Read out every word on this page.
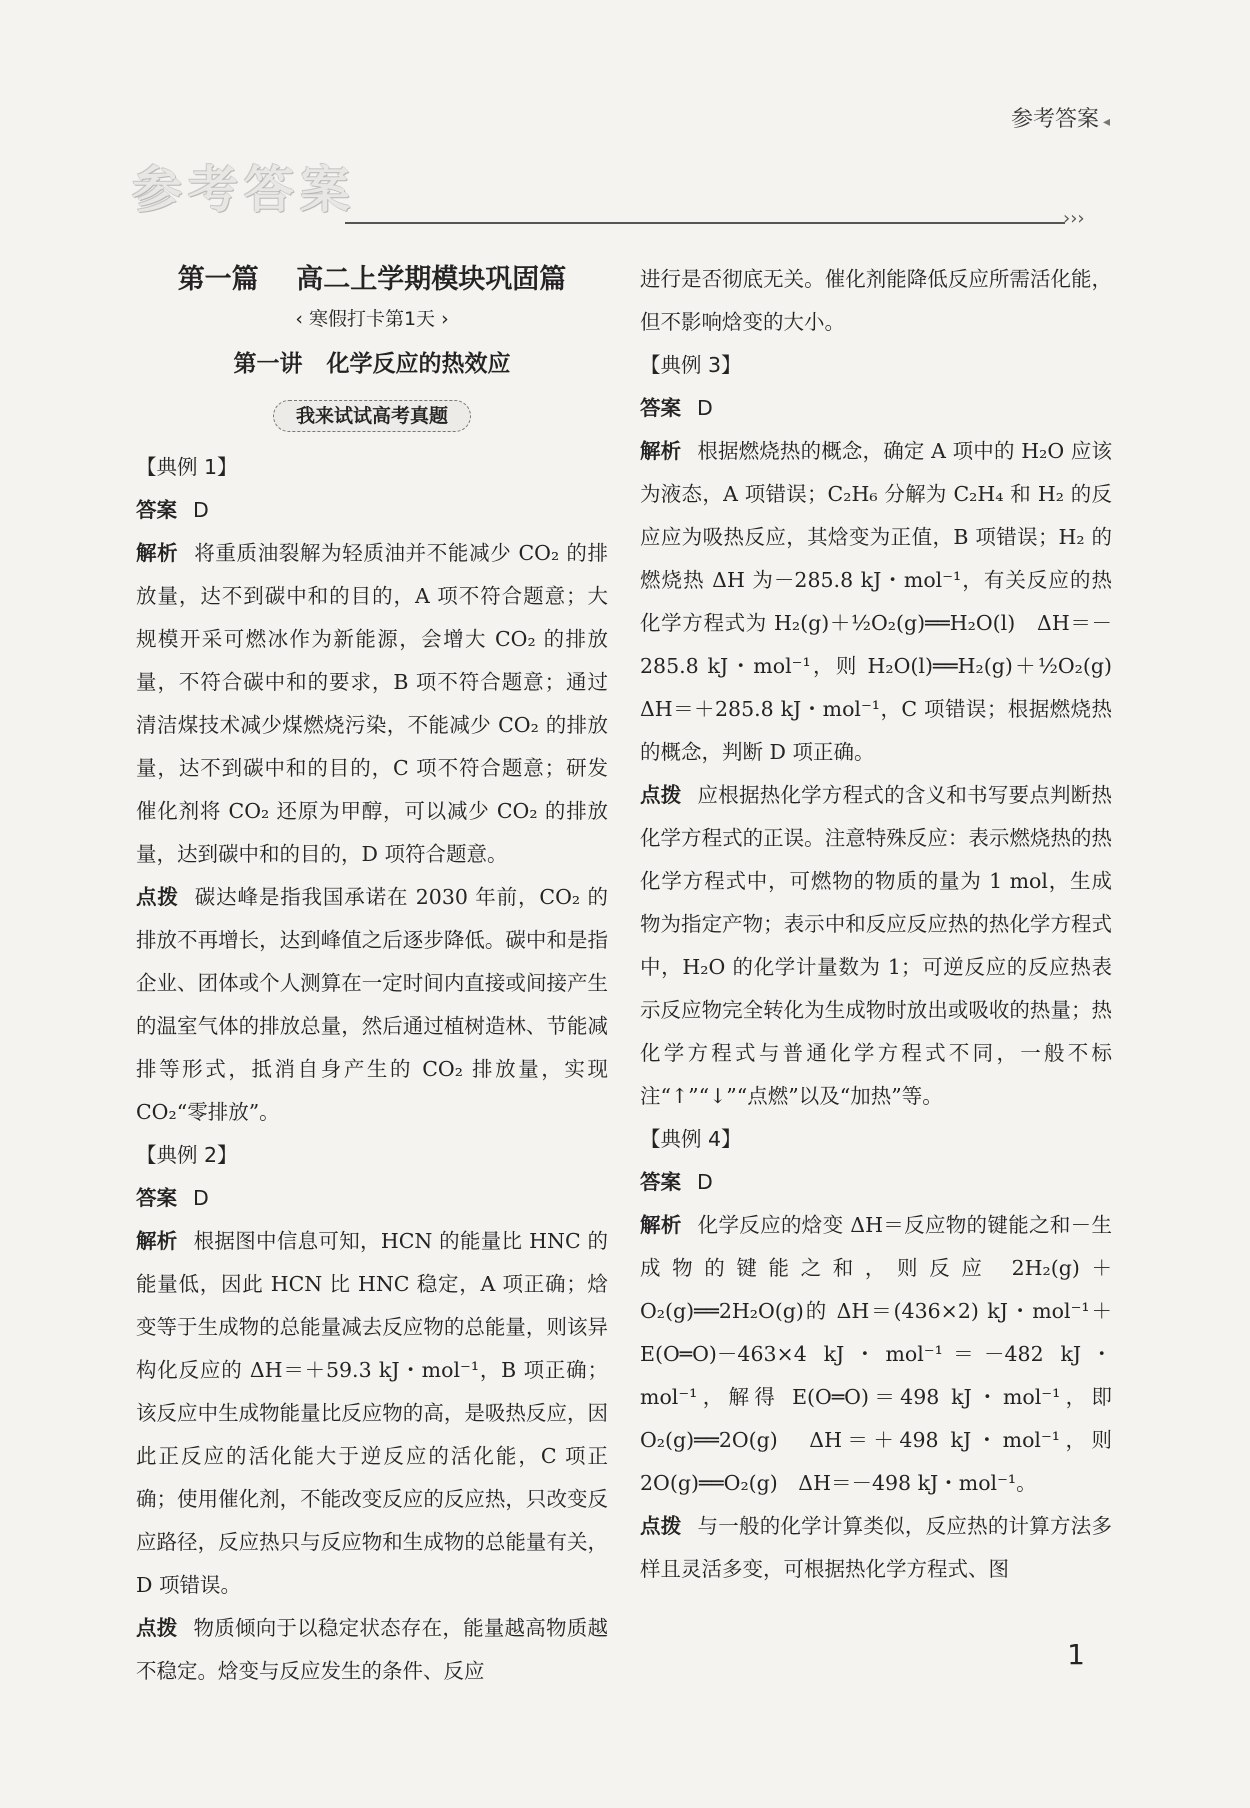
参考答案 ◂
参考答案	›››
第一篇    高二上学期模块巩固篇
‹ 寒假打卡第1天 ›
第一讲   化学反应的热效应
我来试试高考真题
【典例 1】

答案 D

解析 将重质油裂解为轻质油并不能减少 CO₂ 的排放量，达不到碳中和的目的，A 项不符合题意；大规模开采可燃冰作为新能源，会增大 CO₂ 的排放量，不符合碳中和的要求，B 项不符合题意；通过清洁煤技术减少煤燃烧污染，不能减少 CO₂ 的排放量，达不到碳中和的目的，C 项不符合题意；研发催化剂将 CO₂ 还原为甲醇，可以减少 CO₂ 的排放量，达到碳中和的目的，D 项符合题意。

点拨 碳达峰是指我国承诺在 2030 年前，CO₂ 的排放不再增长，达到峰值之后逐步降低。碳中和是指企业、团体或个人测算在一定时间内直接或间接产生的温室气体的排放总量，然后通过植树造林、节能减排等形式，抵消自身产生的 CO₂ 排放量，实现 CO₂“零排放”。

【典例 2】

答案 D

解析 根据图中信息可知，HCN 的能量比 HNC 的能量低，因此 HCN 比 HNC 稳定，A 项正确；焓变等于生成物的总能量减去反应物的总能量，则该异构化反应的 ΔH＝＋59.3 kJ・mol⁻¹，B 项正确；该反应中生成物能量比反应物的高，是吸热反应，因此正反应的活化能大于逆反应的活化能，C 项正确；使用催化剂，不能改变反应的反应热，只改变反应路径，反应热只与反应物和生成物的总能量有关，D 项错误。

点拨 物质倾向于以稳定状态存在，能量越高物质越不稳定。焓变与反应发生的条件、反应

进行是否彻底无关。催化剂能降低反应所需活化能，但不影响焓变的大小。

【典例 3】

答案 D

解析 根据燃烧热的概念，确定 A 项中的 H₂O 应该为液态，A 项错误；C₂H₆ 分解为 C₂H₄ 和 H₂ 的反应应为吸热反应，其焓变为正值，B 项错误；H₂ 的燃烧热 ΔH 为－285.8 kJ・mol⁻¹，有关反应的热化学方程式为 H₂(g)＋½O₂(g)══H₂O(l)　ΔH＝－285.8 kJ・mol⁻¹，则 H₂O(l)══H₂(g)＋½O₂(g)　ΔH＝＋285.8 kJ・mol⁻¹，C 项错误；根据燃烧热的概念，判断 D 项正确。

点拨 应根据热化学方程式的含义和书写要点判断热化学方程式的正误。注意特殊反应：表示燃烧热的热化学方程式中，可燃物的物质的量为 1 mol，生成物为指定产物；表示中和反应反应热的热化学方程式中，H₂O 的化学计量数为 1；可逆反应的反应热表示反应物完全转化为生成物时放出或吸收的热量；热化学方程式与普通化学方程式不同，一般不标注“↑”“↓”“点燃”以及“加热”等。

【典例 4】

答案 D

解析 化学反应的焓变 ΔH＝反应物的键能之和－生成物的键能之和，则反应 2H₂(g)＋O₂(g)══2H₂O(g)的 ΔH＝(436×2) kJ・mol⁻¹＋E(O═O)－463×4 kJ・mol⁻¹＝－482 kJ・mol⁻¹，解得 E(O═O)＝498 kJ・mol⁻¹，即 O₂(g)══2O(g)　ΔH＝＋498 kJ・mol⁻¹，则 2O(g)══O₂(g)　ΔH＝－498 kJ・mol⁻¹。

点拨 与一般的化学计算类似，反应热的计算方法多样且灵活多变，可根据热化学方程式、图

1
